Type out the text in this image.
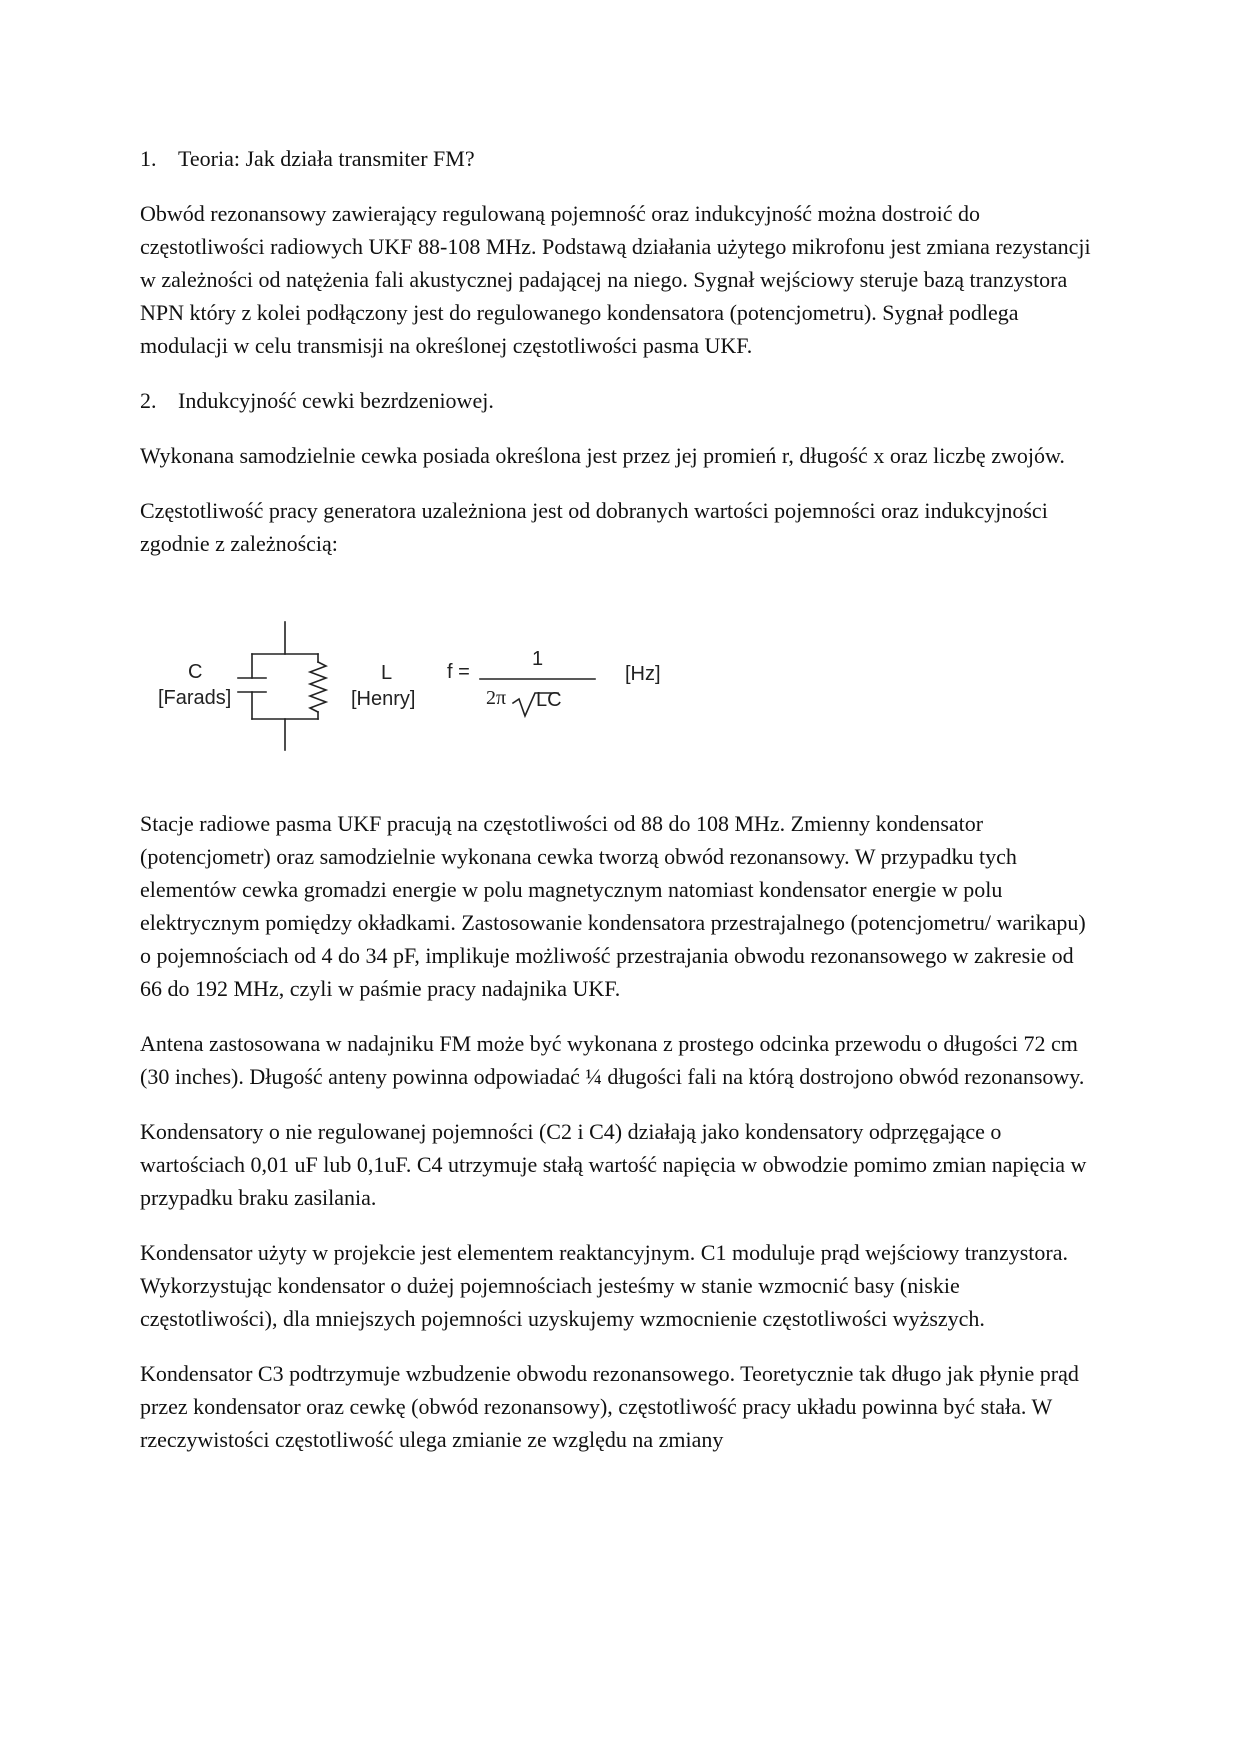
1. Teoria: Jak działa transmiter FM?

Obwód rezonansowy zawierający regulowaną pojemność oraz indukcyjność można dostroić do częstotliwości radiowych UKF 88-108 MHz. Podstawą działania użytego mikrofonu jest zmiana rezystancji w zależności od natężenia fali akustycznej padającej na niego. Sygnał wejściowy steruje bazą tranzystora NPN który z kolei podłączony jest do regulowanego kondensatora (potencjometru). Sygnał podlega modulacji w celu transmisji na określonej częstotliwości pasma UKF.

2. Indukcyjność cewki bezrdzeniowej.

Wykonana samodzielnie cewka posiada określona jest przez jej promień r, długość x oraz liczbę zwojów.

Częstotliwość pracy generatora uzależniona jest od dobranych wartości pojemności oraz indukcyjności zgodnie z zależnością:

C
[Farads]
L
[Henry]
f =
1
2π LC
[Hz]

Stacje radiowe pasma UKF pracują na częstotliwości od 88 do 108 MHz. Zmienny kondensator (potencjometr) oraz samodzielnie wykonana cewka tworzą obwód rezonansowy. W przypadku tych elementów cewka gromadzi energie w polu magnetycznym natomiast kondensator energie w polu elektrycznym pomiędzy okładkami. Zastosowanie kondensatora przestrajalnego (potencjometru/ warikapu) o pojemnościach od 4 do 34 pF, implikuje możliwość przestrajania obwodu rezonansowego w zakresie od 66 do 192 MHz, czyli w paśmie pracy nadajnika UKF.

Antena zastosowana w nadajniku FM może być wykonana z prostego odcinka przewodu o długości 72 cm (30 inches). Długość anteny powinna odpowiadać ¼ długości fali na którą dostrojono obwód rezonansowy.

Kondensatory o nie regulowanej pojemności (C2 i C4) działają jako kondensatory odprzęgające o wartościach 0,01 uF lub 0,1uF. C4 utrzymuje stałą wartość napięcia w obwodzie pomimo zmian napięcia w przypadku braku zasilania.

Kondensator użyty w projekcie jest elementem reaktancyjnym. C1 moduluje prąd wejściowy tranzystora. Wykorzystując kondensator o dużej pojemnościach jesteśmy w stanie wzmocnić basy (niskie częstotliwości), dla mniejszych pojemności uzyskujemy wzmocnienie częstotliwości wyższych.

Kondensator C3 podtrzymuje wzbudzenie obwodu rezonansowego. Teoretycznie tak długo jak płynie prąd przez kondensator oraz cewkę (obwód rezonansowy), częstotliwość pracy układu powinna być stała. W rzeczywistości częstotliwość ulega zmianie ze względu na zmiany
